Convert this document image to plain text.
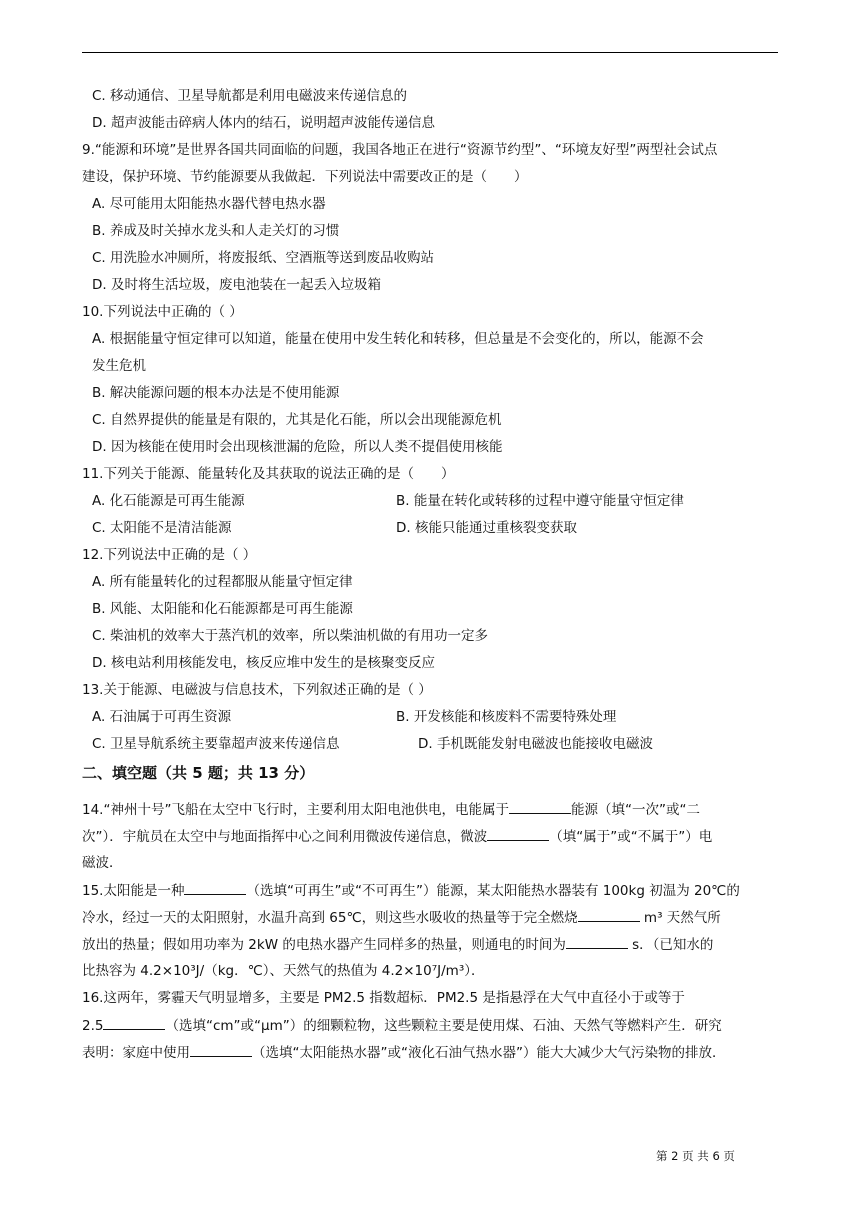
C. 移动通信、卫星导航都是利用电磁波来传递信息的
D. 超声波能击碎病人体内的结石，说明超声波能传递信息
9.“能源和环境”是世界各国共同面临的问题，我国各地正在进行“资源节约型”、“环境友好型”两型社会试点
建设，保护环境、节约能源要从我做起．下列说法中需要改正的是（　　）
A. 尽可能用太阳能热水器代替电热水器
B. 养成及时关掉水龙头和人走关灯的习惯
C. 用洗脸水冲厕所，将废报纸、空酒瓶等送到废品收购站
D. 及时将生活垃圾，废电池装在一起丢入垃圾箱
10.下列说法中正确的（ ）
A. 根据能量守恒定律可以知道，能量在使用中发生转化和转移，但总量是不会变化的，所以，能源不会
发生危机
B. 解决能源问题的根本办法是不使用能源
C. 自然界提供的能量是有限的，尤其是化石能，所以会出现能源危机
D. 因为核能在使用时会出现核泄漏的危险，所以人类不提倡使用核能
11.下列关于能源、能量转化及其获取的说法正确的是（　　）
A. 化石能源是可再生能源	B. 能量在转化或转移的过程中遵守能量守恒定律
C. 太阳能不是清洁能源	D. 核能只能通过重核裂变获取
12.下列说法中正确的是（ ）
A. 所有能量转化的过程都服从能量守恒定律
B. 风能、太阳能和化石能源都是可再生能源
C. 柴油机的效率大于蒸汽机的效率，所以柴油机做的有用功一定多
D. 核电站利用核能发电，核反应堆中发生的是核聚变反应
13.关于能源、电磁波与信息技术，下列叙述正确的是（ ）
A. 石油属于可再生资源	B. 开发核能和核废料不需要特殊处理
C. 卫星导航系统主要靠超声波来传递信息	D. 手机既能发射电磁波也能接收电磁波
二、填空题（共 5 题；共 13 分）
14.“神州十号”飞船在太空中飞行时，主要利用太阳电池供电，电能属于	能源（填“一次”或“二
次”）．宇航员在太空中与地面指挥中心之间利用微波传递信息，微波	（填“属于”或“不属于”）电
磁波．
15.太阳能是一种	（选填“可再生”或“不可再生”）能源，某太阳能热水器装有 100kg 初温为 20℃的
冷水，经过一天的太阳照射，水温升高到 65℃，则这些水吸收的热量等于完全燃烧	m³ 天然气所
放出的热量；假如用功率为 2kW 的电热水器产生同样多的热量，则通电的时间为	s．（已知水的
比热容为 4.2×10³J/（kg．℃）、天然气的热值为 4.2×10⁷J/m³）．
16.这两年，雾霾天气明显增多，主要是 PM2.5 指数超标．PM2.5 是指悬浮在大气中直径小于或等于
2.5	（选填“cm”或“μm”）的细颗粒物，这些颗粒主要是使用煤、石油、天然气等燃料产生．研究
表明：家庭中使用	（选填“太阳能热水器”或“液化石油气热水器”）能大大减少大气污染物的排放．
第 2 页 共 6 页
